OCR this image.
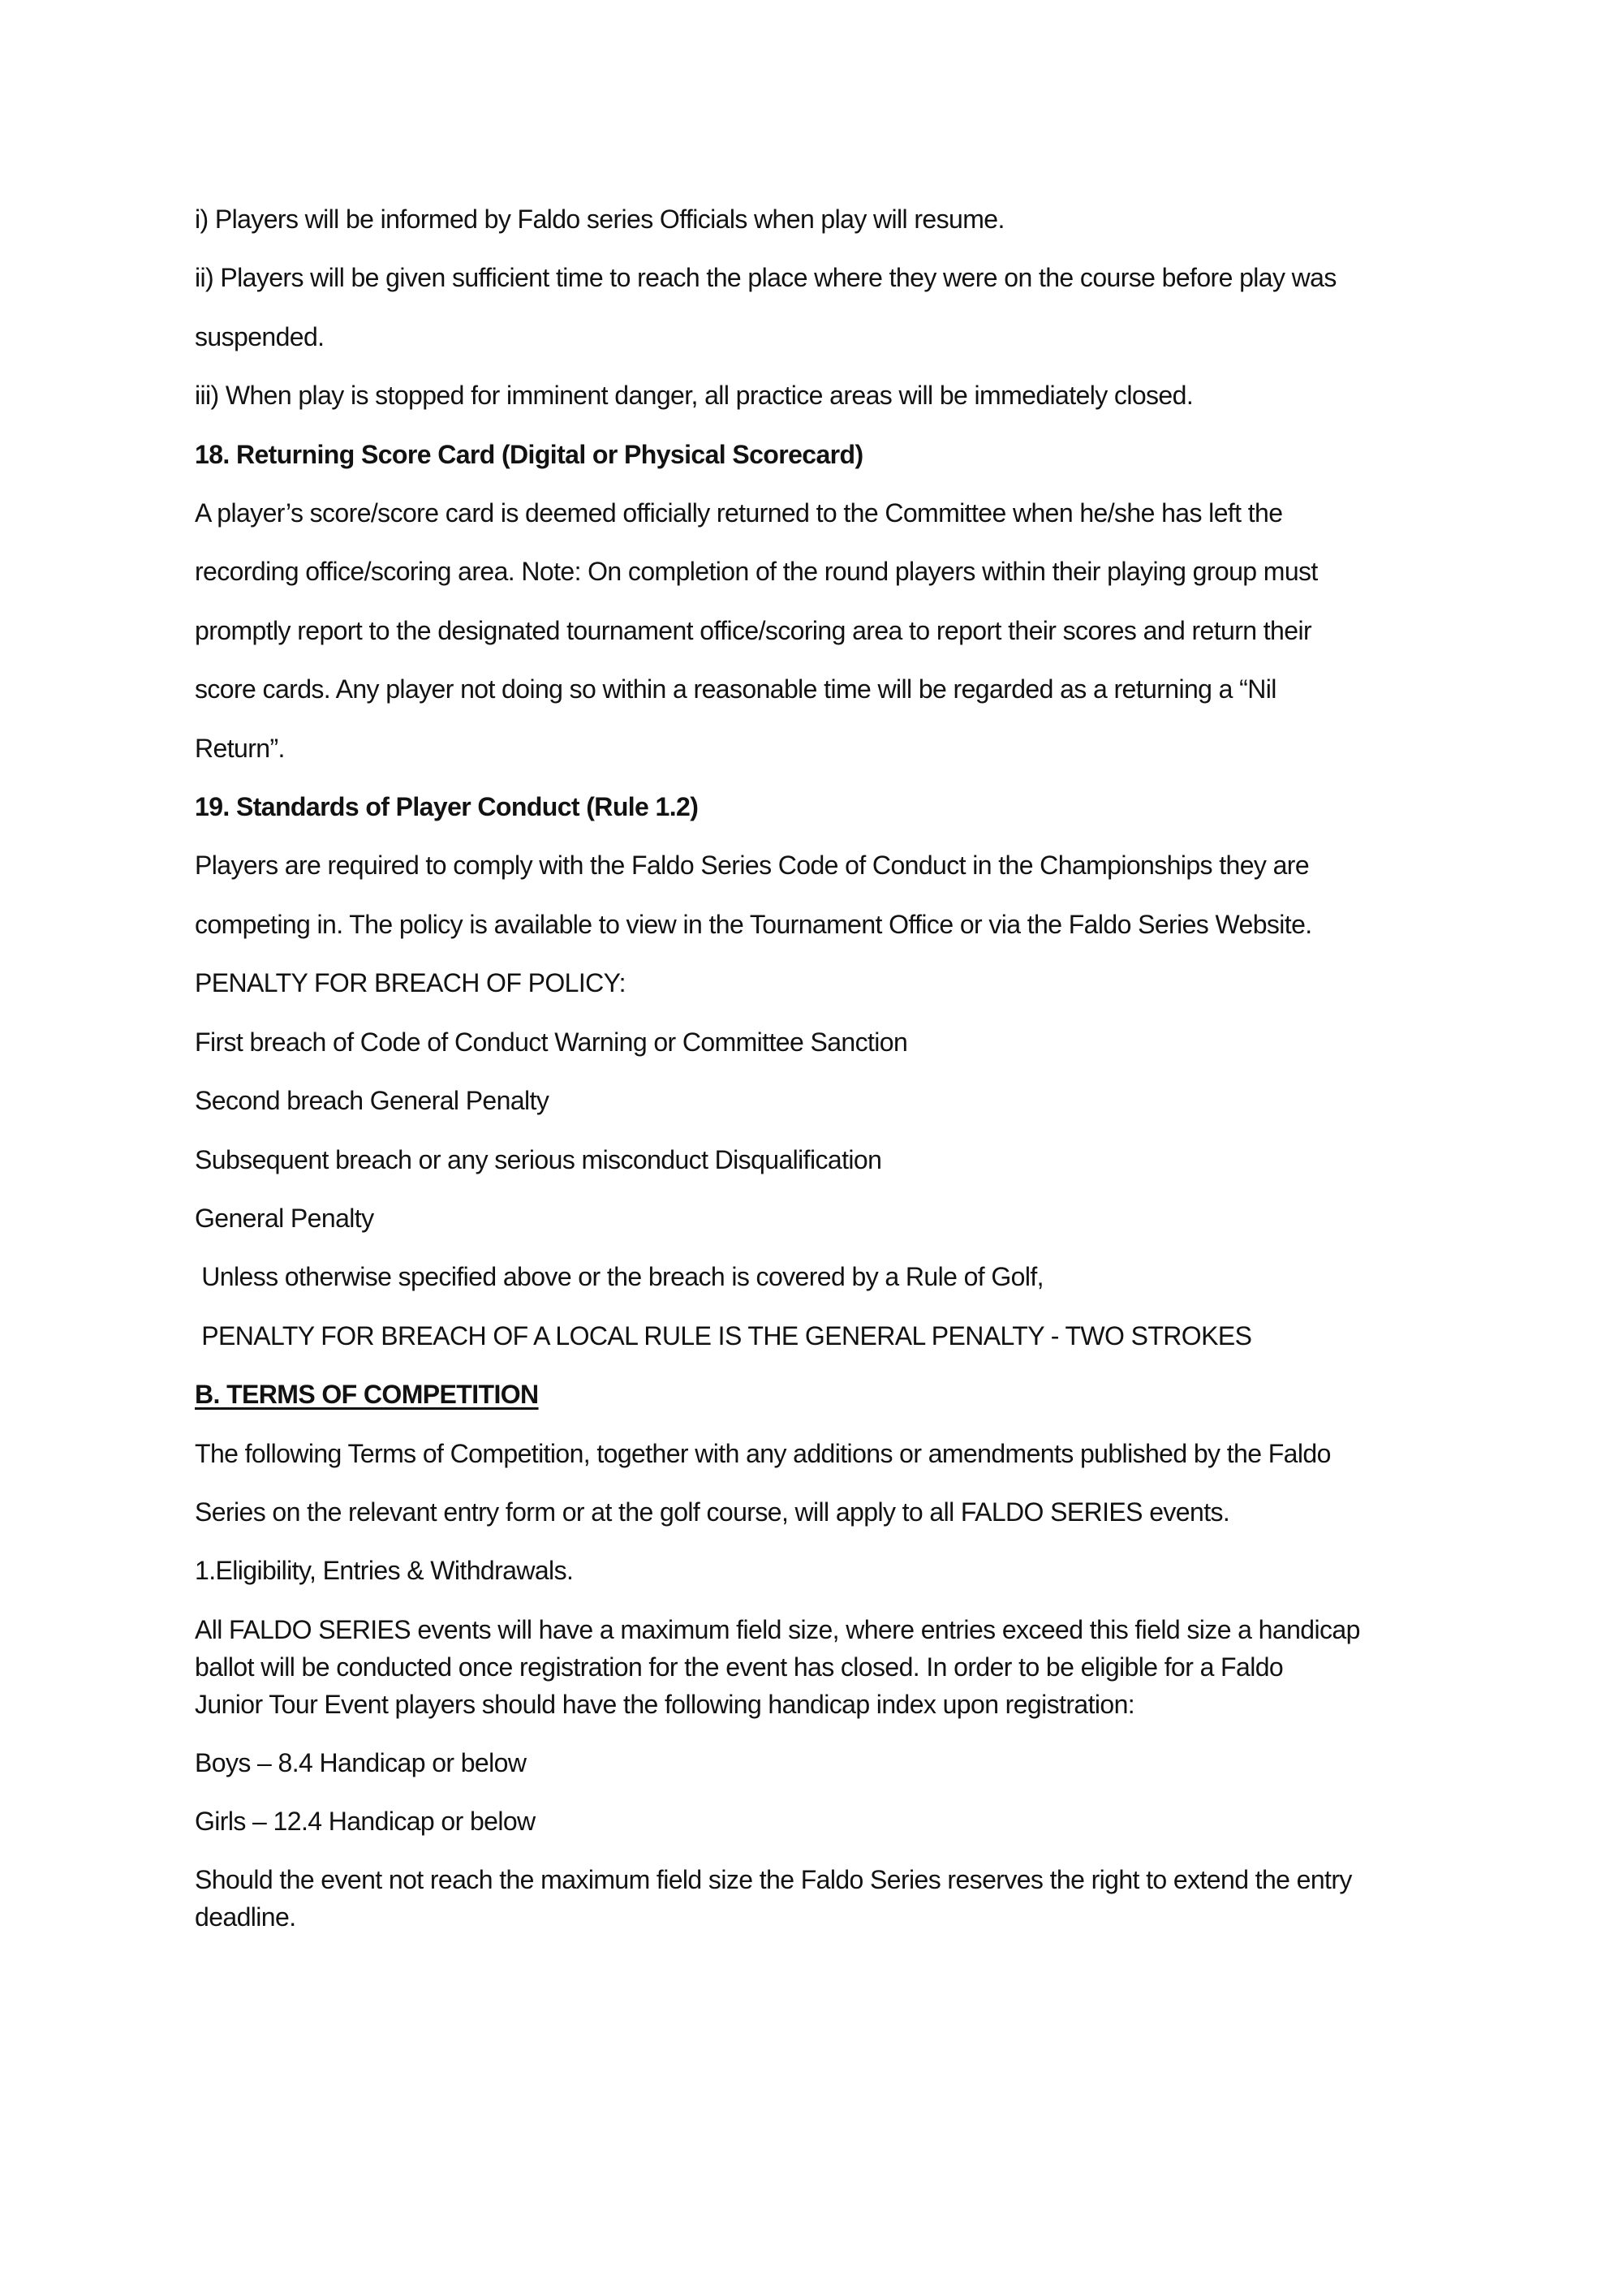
i) Players will be informed by Faldo series Officials when play will resume.
ii) Players will be given sufficient time to reach the place where they were on the course before play was
suspended.
iii) When play is stopped for imminent danger, all practice areas will be immediately closed.
18. Returning Score Card (Digital or Physical Scorecard)
A player’s score/score card is deemed officially returned to the Committee when he/she has left the
recording office/scoring area. Note: On completion of the round players within their playing group must
promptly report to the designated tournament office/scoring area to report their scores and return their
score cards. Any player not doing so within a reasonable time will be regarded as a returning a “Nil
Return”.
19. Standards of Player Conduct (Rule 1.2)
Players are required to comply with the Faldo Series Code of Conduct in the Championships they are
competing in. The policy is available to view in the Tournament Office or via the Faldo Series Website.
PENALTY FOR BREACH OF POLICY:
First breach of Code of Conduct Warning or Committee Sanction
Second breach General Penalty
Subsequent breach or any serious misconduct Disqualification
General Penalty
Unless otherwise specified above or the breach is covered by a Rule of Golf,
PENALTY FOR BREACH OF A LOCAL RULE IS THE GENERAL PENALTY - TWO STROKES
B. TERMS OF COMPETITION
The following Terms of Competition, together with any additions or amendments published by the Faldo
Series on the relevant entry form or at the golf course, will apply to all FALDO SERIES events.
1.Eligibility, Entries & Withdrawals.
All FALDO SERIES events will have a maximum field size, where entries exceed this field size a handicap
ballot will be conducted once registration for the event has closed. In order to be eligible for a Faldo
Junior Tour Event players should have the following handicap index upon registration:
Boys – 8.4 Handicap or below
Girls – 12.4 Handicap or below
Should the event not reach the maximum field size the Faldo Series reserves the right to extend the entry
deadline.
